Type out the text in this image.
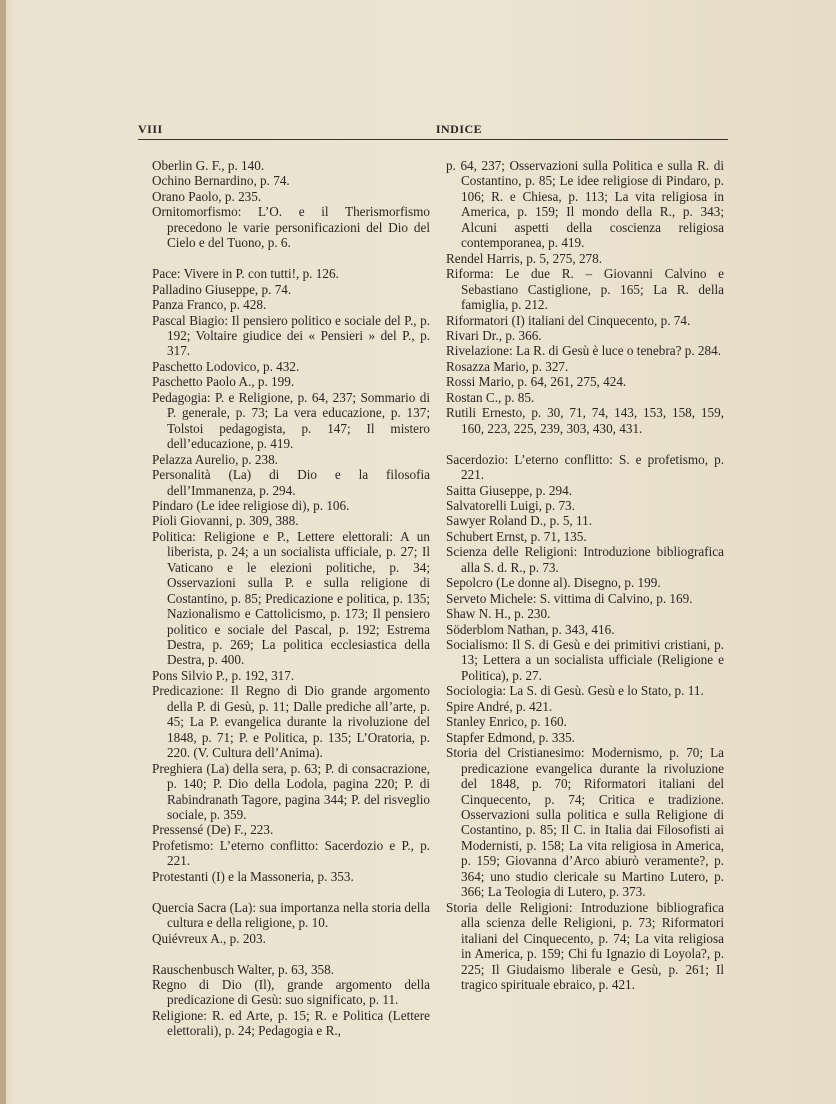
VIII	INDICE

Oberlin G. F., p. 140.

Ochino Bernardino, p. 74.

Orano Paolo, p. 235.

Ornitomorfismo: L’O. e il Therismorfismo precedono le varie personificazioni del Dio del Cielo e del Tuono, p. 6.

Pace: Vivere in P. con tutti!, p. 126.

Palladino Giuseppe, p. 74.

Panza Franco, p. 428.

Pascal Biagio: Il pensiero politico e sociale del P., p. 192; Voltaire giudice dei « Pensieri » del P., p. 317.

Paschetto Lodovico, p. 432.

Paschetto Paolo A., p. 199.

Pedagogia: P. e Religione, p. 64, 237; Sommario di P. generale, p. 73; La vera educazione, p. 137; Tolstoi pedagogista, p. 147; Il mistero dell’educazione, p. 419.

Pelazza Aurelio, p. 238.

Personalità (La) di Dio e la filosofia dell’Immanenza, p. 294.

Pindaro (Le idee religiose di), p. 106.

Pioli Giovanni, p. 309, 388.

Politica: Religione e P., Lettere elettorali: A un liberista, p. 24; a un socialista ufficiale, p. 27; Il Vaticano e le elezioni politiche, p. 34; Osservazioni sulla P. e sulla religione di Costantino, p. 85; Predicazione e politica, p. 135; Nazionalismo e Cattolicismo, p. 173; Il pensiero politico e sociale del Pascal, p. 192; Estrema Destra, p. 269; La politica ecclesiastica della Destra, p. 400.

Pons Silvio P., p. 192, 317.

Predicazione: Il Regno di Dio grande argomento della P. di Gesù, p. 11; Dalle prediche all’arte, p. 45; La P. evangelica durante la rivoluzione del 1848, p. 71; P. e Politica, p. 135; L’Oratoria, p. 220. (V. Cultura dell’Anima).

Preghiera (La) della sera, p. 63; P. di consacrazione, p. 140; P. Dio della Lodola, pagina 220; P. di Rabindranath Tagore, pagina 344; P. del risveglio sociale, p. 359.

Pressensé (De) F., 223.

Profetismo: L’eterno conflitto: Sacerdozio e P., p. 221.

Protestanti (I) e la Massoneria, p. 353.

Quercia Sacra (La): sua importanza nella storia della cultura e della religione, p. 10.

Quiévreux A., p. 203.

Rauschenbusch Walter, p. 63, 358.

Regno di Dio (Il), grande argomento della predicazione di Gesù: suo significato, p. 11.

Religione: R. ed Arte, p. 15; R. e Politica (Lettere elettorali), p. 24; Pedagogia e R.,

p. 64, 237; Osservazioni sulla Politica e sulla R. di Costantino, p. 85; Le idee religiose di Pindaro, p. 106; R. e Chiesa, p. 113; La vita religiosa in America, p. 159; Il mondo della R., p. 343; Alcuni aspetti della coscienza religiosa contemporanea, p. 419.

Rendel Harris, p. 5, 275, 278.

Riforma: Le due R. – Giovanni Calvino e Sebastiano Castiglione, p. 165; La R. della famiglia, p. 212.

Riformatori (I) italiani del Cinquecento, p. 74.

Rivari Dr., p. 366.

Rivelazione: La R. di Gesù è luce o tenebra? p. 284.

Rosazza Mario, p. 327.

Rossi Mario, p. 64, 261, 275, 424.

Rostan C., p. 85.

Rutili Ernesto, p. 30, 71, 74, 143, 153, 158, 159, 160, 223, 225, 239, 303, 430, 431.

Sacerdozio: L’eterno conflitto: S. e profetismo, p. 221.

Saitta Giuseppe, p. 294.

Salvatorelli Luigi, p. 73.

Sawyer Roland D., p. 5, 11.

Schubert Ernst, p. 71, 135.

Scienza delle Religioni: Introduzione bibliografica alla S. d. R., p. 73.

Sepolcro (Le donne al). Disegno, p. 199.

Serveto Michele: S. vittima di Calvino, p. 169.

Shaw N. H., p. 230.

Söderblom Nathan, p. 343, 416.

Socialismo: Il S. di Gesù e dei primitivi cristiani, p. 13; Lettera a un socialista ufficiale (Religione e Politica), p. 27.

Sociologia: La S. di Gesù. Gesù e lo Stato, p. 11.

Spire André, p. 421.

Stanley Enrico, p. 160.

Stapfer Edmond, p. 335.

Storia del Cristianesimo: Modernismo, p. 70; La predicazione evangelica durante la rivoluzione del 1848, p. 70; Riformatori italiani del Cinquecento, p. 74; Critica e tradizione. Osservazioni sulla politica e sulla Religione di Costantino, p. 85; Il C. in Italia dai Filosofisti ai Modernisti, p. 158; La vita religiosa in America, p. 159; Giovanna d’Arco abiurò veramente?, p. 364; uno studio clericale su Martino Lutero, p. 366; La Teologia di Lutero, p. 373.

Storia delle Religioni: Introduzione bibliografica alla scienza delle Religioni, p. 73; Riformatori italiani del Cinquecento, p. 74; La vita religiosa in America, p. 159; Chi fu Ignazio di Loyola?, p. 225; Il Giudaismo liberale e Gesù, p. 261; Il tragico spirituale ebraico, p. 421.
